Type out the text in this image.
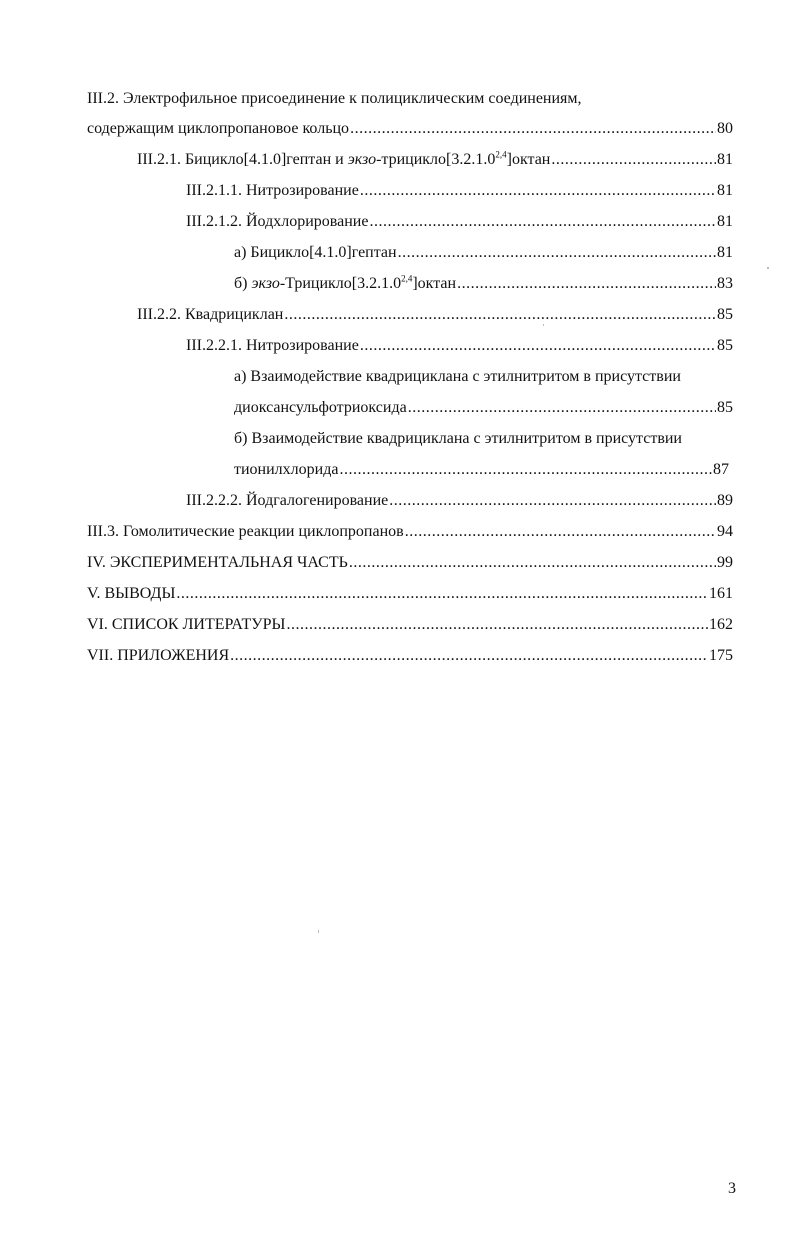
III.2. Электрофильное присоединение к полициклическим соединениям,
содержащим циклопропановое кольцо .....	80
III.2.1. Бицикло[4.1.0]гептан и экзо-трицикло[3.2.1.0$^{2,4}$]октан .....	81
III.2.1.1. Нитрозирование .....	81
III.2.1.2. Йодхлорирование .....	81
а) Бицикло[4.1.0]гептан .....	81
б) экзо-Трицикло[3.2.1.0$^{2,4}$]октан .....	83
III.2.2. Квадрициклан .....	85
III.2.2.1. Нитрозирование .....	85
а) Взаимодействие квадрициклана с этилнитритом в присутствии
диоксансульфотриоксида .....	85
б) Взаимодействие квадрициклана с этилнитритом в присутствии
тионилхлорида .....	87
III.2.2.2. Йодгалогенирование .....	89
III.3. Гомолитические реакции циклопропанов .....	94
IV. ЭКСПЕРИМЕНТАЛЬНАЯ ЧАСТЬ .....	99
V. ВЫВОДЫ .....	161
VI. СПИСОК ЛИТЕРАТУРЫ .....	162
VII. ПРИЛОЖЕНИЯ .....	175
3
